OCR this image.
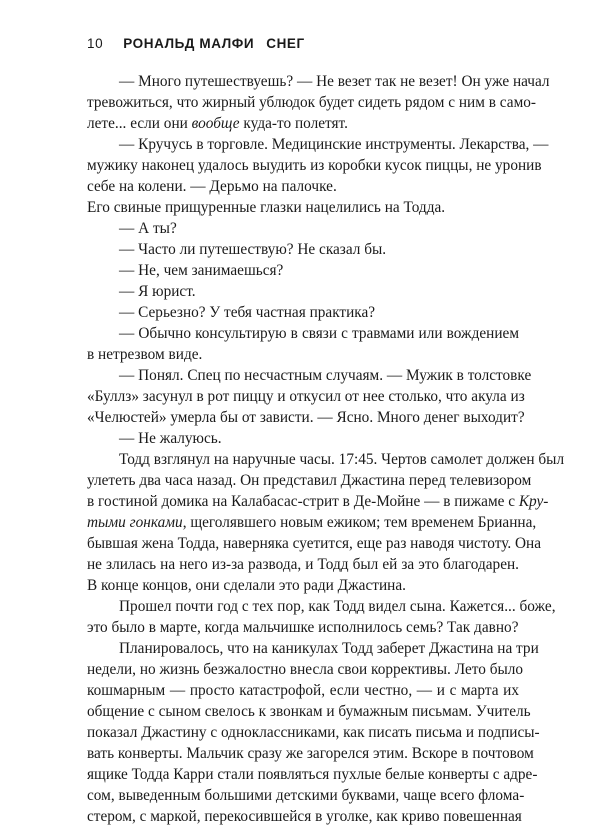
10 РОНАЛЬД МАЛФИ СНЕГ
— Много путешествуешь? — Не везет так не везет! Он уже начал
тревожиться, что жирный ублюдок будет сидеть рядом с ним в само-
лете... если они вообще куда-то полетят.
— Кручусь в торговле. Медицинские инструменты. Лекарства, —
мужику наконец удалось выудить из коробки кусок пиццы, не уронив
себе на колени. — Дерьмо на палочке.
Его свиные прищуренные глазки нацелились на Тодда.
— А ты?
— Часто ли путешествую? Не сказал бы.
— Не, чем занимаешься?
— Я юрист.
— Серьезно? У тебя частная практика?
— Обычно консультирую в связи с травмами или вождением
в нетрезвом виде.
— Понял. Спец по несчастным случаям. — Мужик в толстовке
«Буллз» засунул в рот пиццу и откусил от нее столько, что акула из
«Челюстей» умерла бы от зависти. — Ясно. Много денег выходит?
— Не жалуюсь.
Тодд взглянул на наручные часы. 17:45. Чертов самолет должен был
улететь два часа назад. Он представил Джастина перед телевизором
в гостиной домика на Калабасас-стрит в Де-Мойне — в пижаме с Кру-
тыми гонками, щеголявшего новым ежиком; тем временем Брианна,
бывшая жена Тодда, наверняка суетится, еще раз наводя чистоту. Она
не злилась на него из-за развода, и Тодд был ей за это благодарен.
В конце концов, они сделали это ради Джастина.
Прошел почти год с тех пор, как Тодд видел сына. Кажется... боже,
это было в марте, когда мальчишке исполнилось семь? Так давно?
Планировалось, что на каникулах Тодд заберет Джастина на три
недели, но жизнь безжалостно внесла свои коррективы. Лето было
кошмарным — просто катастрофой, если честно, — и с марта их
общение с сыном свелось к звонкам и бумажным письмам. Учитель
показал Джастину с одноклассниками, как писать письма и подписы-
вать конверты. Мальчик сразу же загорелся этим. Вскоре в почтовом
ящике Тодда Карри стали появляться пухлые белые конверты с адре-
сом, выведенным большими детскими буквами, чаще всего фломa-
стером, с маркой, перекосившейся в уголке, как криво повешенная
